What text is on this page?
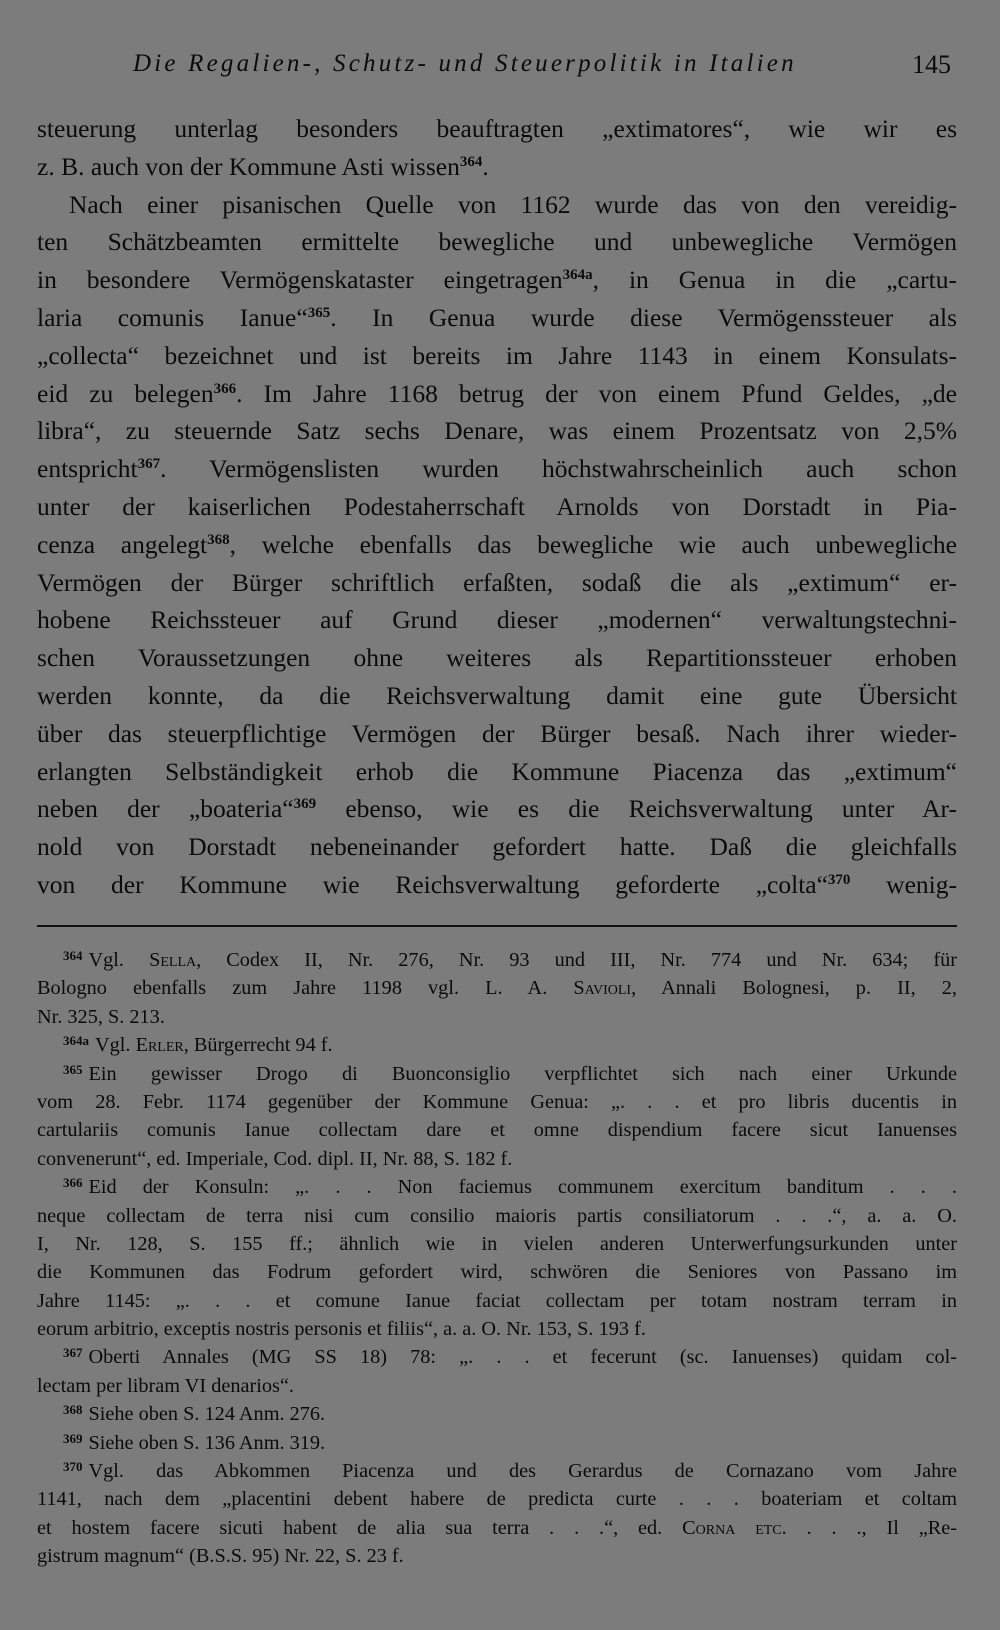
Die Regalien-, Schutz- und Steuerpolitik in Italien	145
steuerung unterlag besonders beauftragten „extimatores“, wie wir es
z. B. auch von der Kommune Asti wissen$^{364}$.
Nach einer pisanischen Quelle von 1162 wurde das von den vereidig-
ten Schätzbeamten ermittelte bewegliche und unbewegliche Vermögen
in besondere Vermögenskataster eingetragen$^{364a}$, in Genua in die „cartu-
laria comunis Ianue“$^{365}$. In Genua wurde diese Vermögenssteuer als
„collecta“ bezeichnet und ist bereits im Jahre 1143 in einem Konsulats-
eid zu belegen$^{366}$. Im Jahre 1168 betrug der von einem Pfund Geldes, „de
libra“, zu steuernde Satz sechs Denare, was einem Prozentsatz von 2,5%
entspricht$^{367}$. Vermögenslisten wurden höchstwahrscheinlich auch schon
unter der kaiserlichen Podestaherrschaft Arnolds von Dorstadt in Pia-
cenza angelegt$^{368}$, welche ebenfalls das bewegliche wie auch unbewegliche
Vermögen der Bürger schriftlich erfaßten, sodaß die als „extimum“ er-
hobene Reichssteuer auf Grund dieser „modernen“ verwaltungstechni-
schen Voraussetzungen ohne weiteres als Repartitionssteuer erhoben
werden konnte, da die Reichsverwaltung damit eine gute Übersicht
über das steuerpflichtige Vermögen der Bürger besaß. Nach ihrer wieder-
erlangten Selbständigkeit erhob die Kommune Piacenza das „extimum“
neben der „boateria“$^{369}$ ebenso, wie es die Reichsverwaltung unter Ar-
nold von Dorstadt nebeneinander gefordert hatte. Daß die gleichfalls
von der Kommune wie Reichsverwaltung geforderte „colta“$^{370}$ wenig-
$^{364}$ Vgl. Sella, Codex II, Nr. 276, Nr. 93 und III, Nr. 774 und Nr. 634; für
Bologno ebenfalls zum Jahre 1198 vgl. L. A. Savioli, Annali Bolognesi, p. II, 2,
Nr. 325, S. 213.
$^{364a}$ Vgl. Erler, Bürgerrecht 94 f.
$^{365}$ Ein gewisser Drogo di Buonconsiglio verpflichtet sich nach einer Urkunde
vom 28. Febr. 1174 gegenüber der Kommune Genua: „. . . et pro libris ducentis in
cartulariis comunis Ianue collectam dare et omne dispendium facere sicut Ianuenses
convenerunt“, ed. Imperiale, Cod. dipl. II, Nr. 88, S. 182 f.
$^{366}$ Eid der Konsuln: „. . . Non faciemus communem exercitum banditum . . .
neque collectam de terra nisi cum consilio maioris partis consiliatorum . . .“, a. a. O.
I, Nr. 128, S. 155 ff.; ähnlich wie in vielen anderen Unterwerfungsurkunden unter
die Kommunen das Fodrum gefordert wird, schwören die Seniores von Passano im
Jahre 1145: „. . . et comune Ianue faciat collectam per totam nostram terram in
eorum arbitrio, exceptis nostris personis et filiis“, a. a. O. Nr. 153, S. 193 f.
$^{367}$ Oberti Annales (MG SS 18) 78: „. . . et fecerunt (sc. Ianuenses) quidam col-
lectam per libram VI denarios“.
$^{368}$ Siehe oben S. 124 Anm. 276.
$^{369}$ Siehe oben S. 136 Anm. 319.
$^{370}$ Vgl. das Abkommen Piacenza und des Gerardus de Cornazano vom Jahre
1141, nach dem „placentini debent habere de predicta curte . . . boateriam et coltam
et hostem facere sicuti habent de alia sua terra . . .“, ed. Corna etc. . . ., Il „Re-
gistrum magnum“ (B.S.S. 95) Nr. 22, S. 23 f.
